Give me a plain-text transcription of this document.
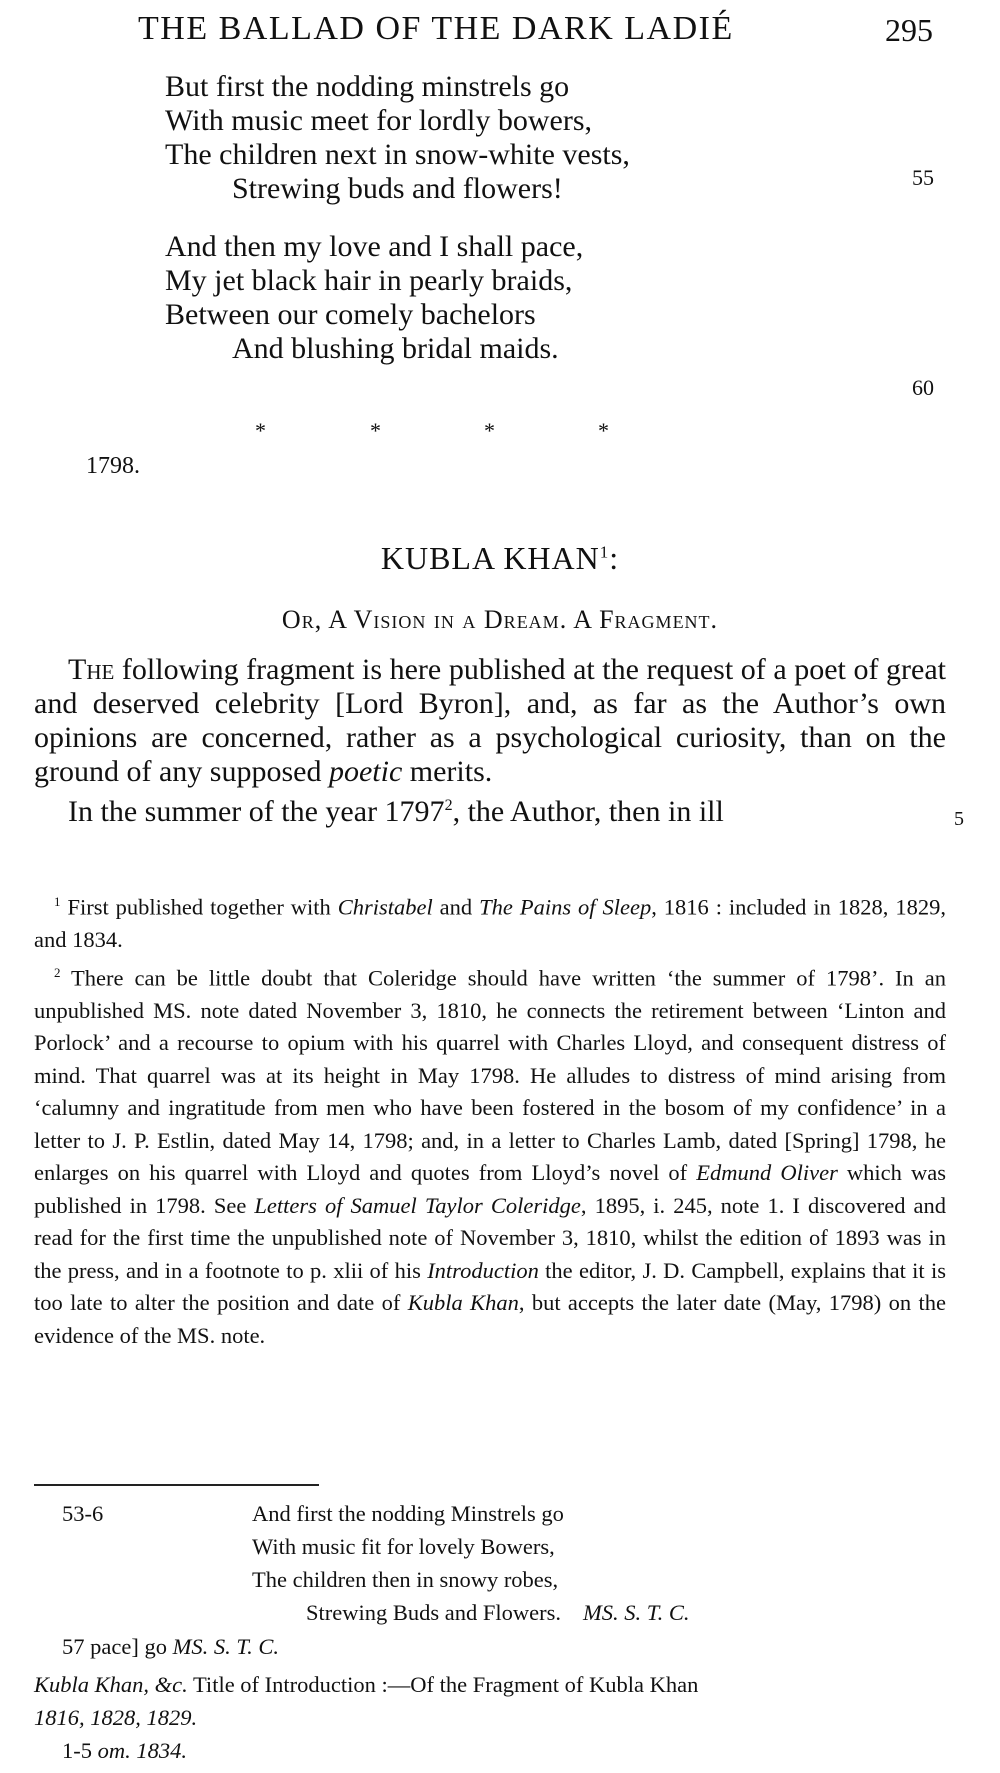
THE BALLAD OF THE DARK LADIÉ	295
But first the nodding minstrels go
With music meet for lordly bowers,
The children next in snow-white vests,
Strewing buds and flowers!	55
And then my love and I shall pace,
My jet black hair in pearly braids,
Between our comely bachelors
And blushing bridal maids.
60
*	*	*	*
1798.
KUBLA KHAN$^1$:
Or, A Vision in a Dream. A Fragment.

The following fragment is here published at the request of a poet of great and deserved celebrity [Lord Byron], and, as far as the Author’s own opinions are concerned, rather as a psychological curiosity, than on the ground of any supposed poetic merits.

In the summer of the year 1797$^2$, the Author, then in ill	5

$^1$ First published together with Christabel and The Pains of Sleep, 1816 : included in 1828, 1829, and 1834.

$^2$ There can be little doubt that Coleridge should have written ‘the summer of 1798’. In an unpublished MS. note dated November 3, 1810, he connects the retirement between ‘Linton and Porlock’ and a recourse to opium with his quarrel with Charles Lloyd, and consequent distress of mind. That quarrel was at its height in May 1798. He alludes to distress of mind arising from ‘calumny and ingratitude from men who have been fostered in the bosom of my confidence’ in a letter to J. P. Estlin, dated May 14, 1798; and, in a letter to Charles Lamb, dated [Spring] 1798, he enlarges on his quarrel with Lloyd and quotes from Lloyd’s novel of Edmund Oliver which was published in 1798. See Letters of Samuel Taylor Coleridge, 1895, i. 245, note 1. I discovered and read for the first time the unpublished note of November 3, 1810, whilst the edition of 1893 was in the press, and in a footnote to p. xlii of his Introduction the editor, J. D. Campbell, explains that it is too late to alter the position and date of Kubla Khan, but accepts the later date (May, 1798) on the evidence of the MS. note.

53-6	And first the nodding Minstrels go
With music fit for lovely Bowers,
The children then in snowy robes,
Strewing Buds and Flowers. MS. S. T. C.
57 pace] go MS. S. T. C.
Kubla Khan, &c. Title of Introduction :—Of the Fragment of Kubla Khan
1816, 1828, 1829.
1-5 om. 1834.
